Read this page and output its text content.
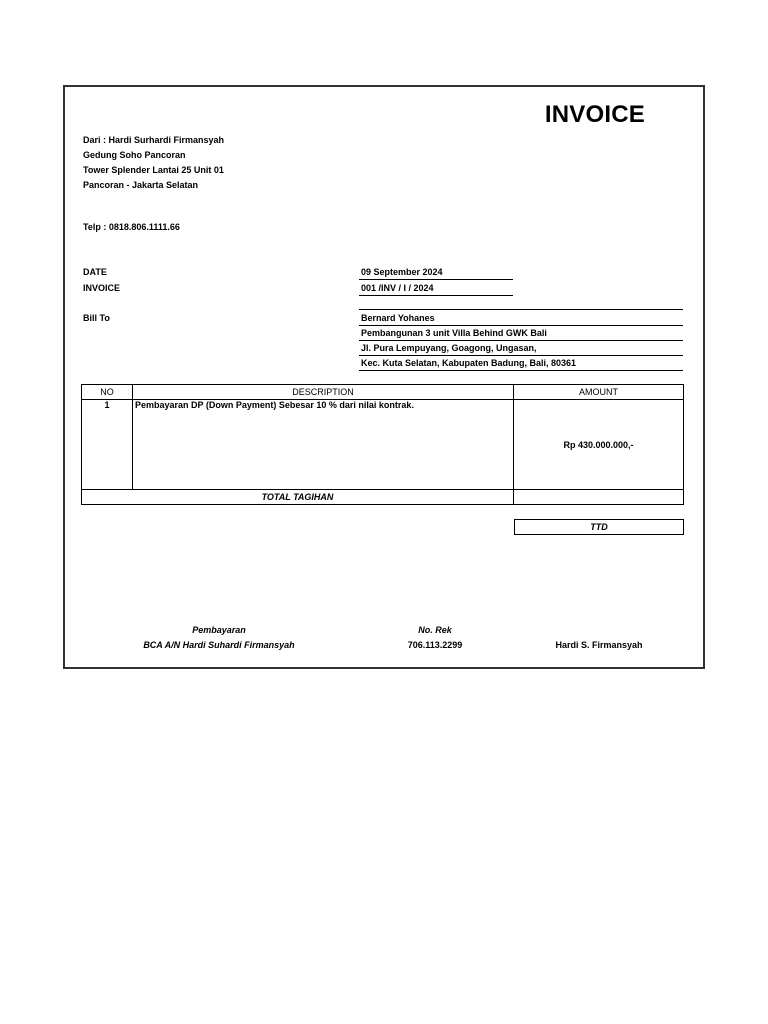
INVOICE
Dari : Hardi Surhardi Firmansyah
Gedung Soho Pancoran
Tower Splender Lantai 25 Unit 01
Pancoran - Jakarta Selatan
Telp : 0818.806.1111.66
DATE	09 September 2024
INVOICE	001 /INV / I / 2024
Bill To	Bernard Yohanes
Pembangunan 3 unit Villa Behind GWK Bali
Jl. Pura Lempuyang, Goagong, Ungasan,
Kec. Kuta Selatan, Kabupaten Badung, Bali, 80361
NO	DESCRIPTION	AMOUNT
1	Pembayaran DP (Down Payment) Sebesar 10 % dari nilai kontrak.	Rp 430.000.000,-
TOTAL TAGIHAN		
TTD
Pembayaran
BCA A/N Hardi Suhardi Firmansyah
No. Rek
706.113.2299	Hardi S. Firmansyah
